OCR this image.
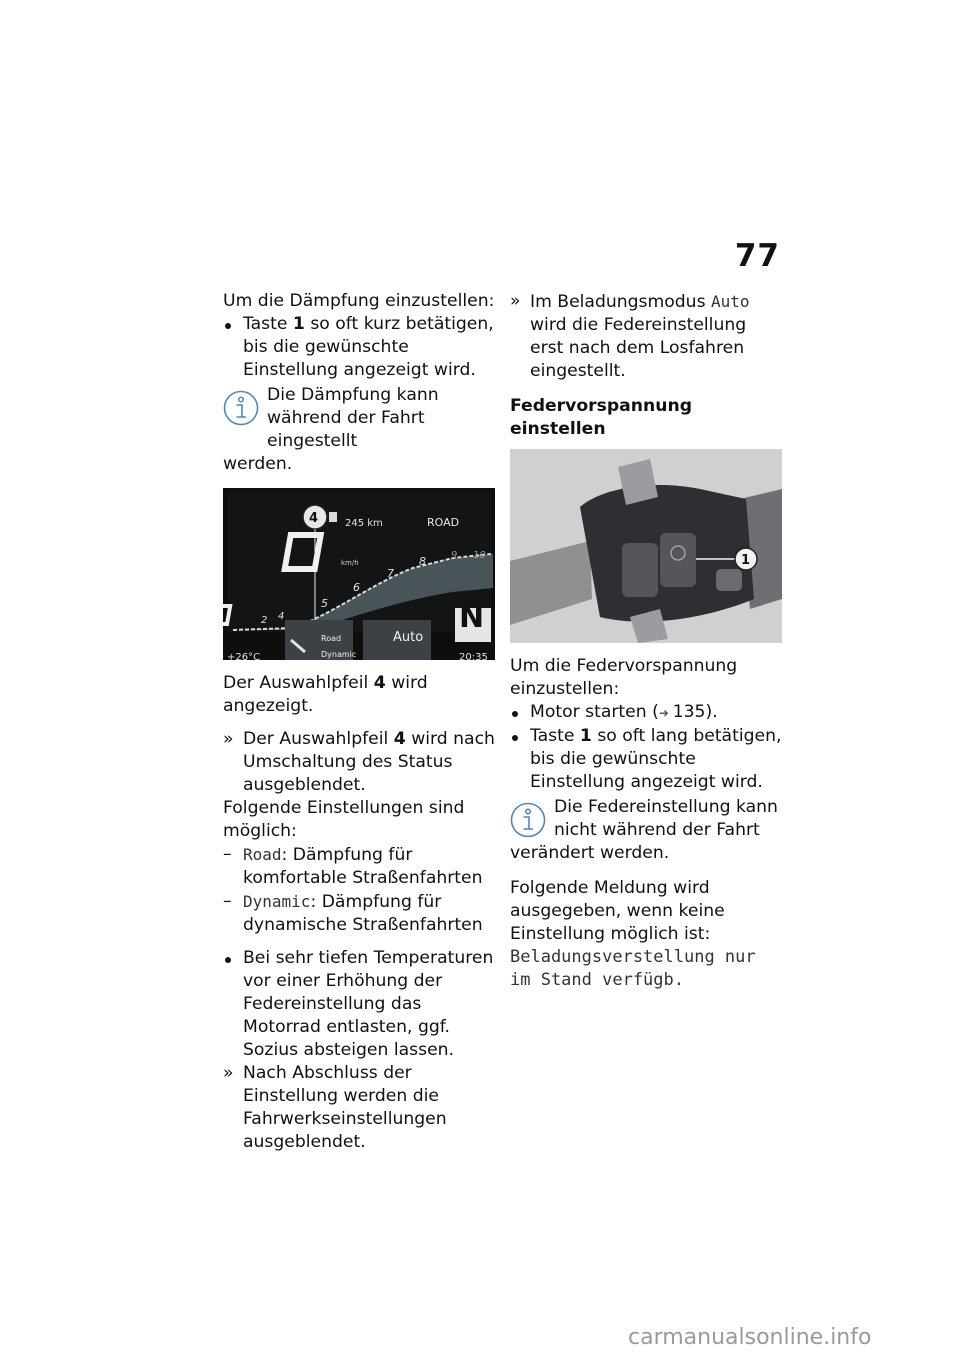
77

Um die Dämpfung einzustellen:

Taste 1 so oft kurz betätigen, bis die gewünschte Einstellung angezeigt wird.

Die Dämpfung kann während der Fahrt eingestellt

werden.

4	245 km	ROAD
km/h
N
Road
Dynamic
Auto
+26°C	20:35
2 4
5
6
7
8	9 10

Der Auswahlpfeil 4 wird angezeigt.

» Der Auswahlpfeil 4 wird nach Umschaltung des Status ausgeblendet.

Folgende Einstellungen sind möglich:

– Road: Dämpfung für komfortable Straßenfahrten
– Dynamic: Dämpfung für dynamische Straßenfahrten
Bei sehr tiefen Temperaturen vor einer Erhöhung der Federeinstellung das Motorrad entlasten, ggf. Sozius absteigen lassen.
» Nach Abschluss der Einstellung werden die Fahrwerkseinstellungen ausgeblendet.
» Im Beladungsmodus Auto wird die Federeinstellung erst nach dem Losfahren eingestellt.

Federvorspannung einstellen

1

Um die Federvorspannung einzustellen:

Motor starten (➜ 135).
Taste 1 so oft lang betätigen, bis die gewünschte Einstellung angezeigt wird.

Die Federeinstellung kann nicht während der Fahrt

verändert werden.

Folgende Meldung wird ausgegeben, wenn keine Einstellung möglich ist: Beladungsverstellung nur im Stand verfügb.

carmanualsonline.info
